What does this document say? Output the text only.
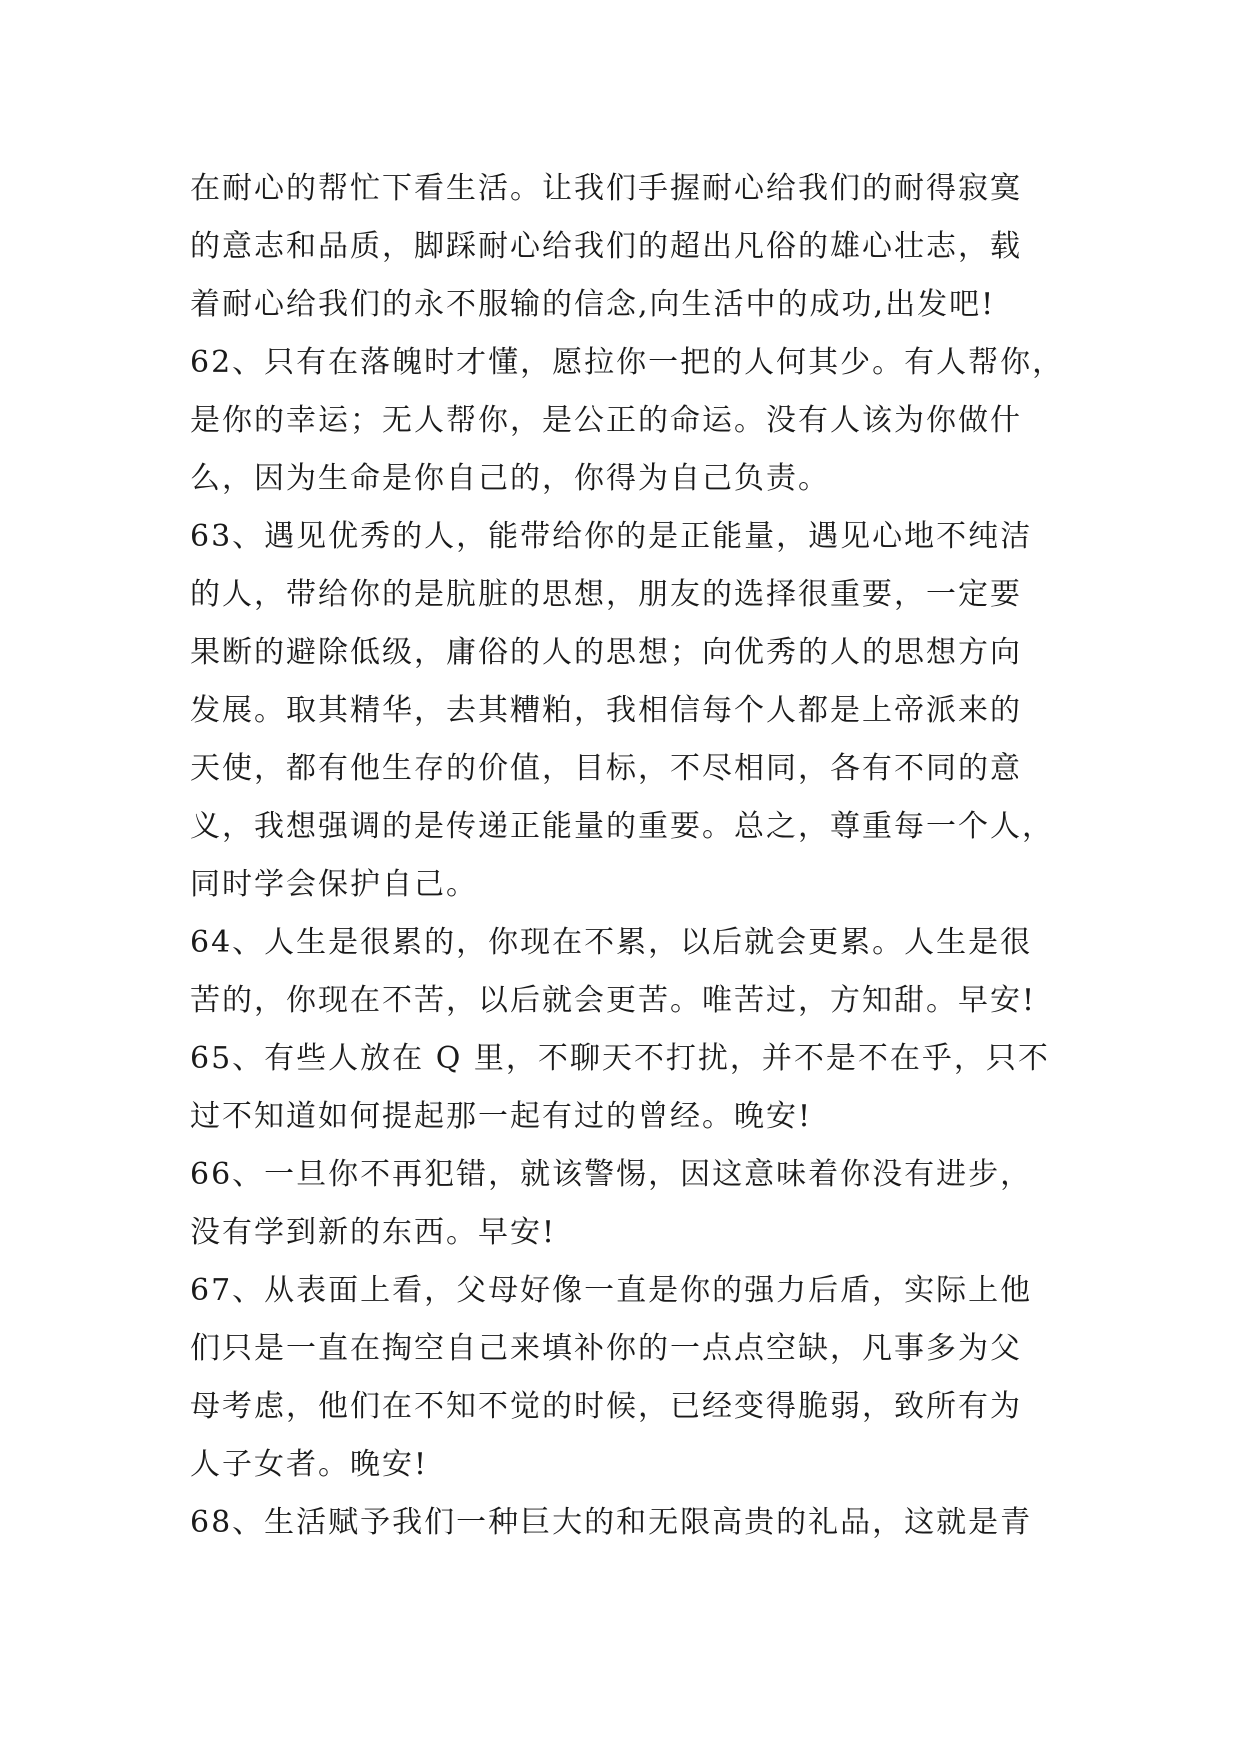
在耐心的帮忙下看生活。让我们手握耐心给我们的耐得寂寞
的意志和品质，脚踩耐心给我们的超出凡俗的雄心壮志，载
着耐心给我们的永不服输的信念,向生活中的成功,出发吧!
62、只有在落魄时才懂，愿拉你一把的人何其少。有人帮你，
是你的幸运；无人帮你，是公正的命运。没有人该为你做什
么，因为生命是你自己的，你得为自己负责。
63、遇见优秀的人，能带给你的是正能量，遇见心地不纯洁
的人，带给你的是肮脏的思想，朋友的选择很重要，一定要
果断的避除低级，庸俗的人的思想；向优秀的人的思想方向
发展。取其精华，去其糟粕，我相信每个人都是上帝派来的
天使，都有他生存的价值，目标，不尽相同，各有不同的意
义，我想强调的是传递正能量的重要。总之，尊重每一个人，
同时学会保护自己。
64、人生是很累的，你现在不累，以后就会更累。人生是很
苦的，你现在不苦，以后就会更苦。唯苦过，方知甜。早安!
65、有些人放在 Q 里，不聊天不打扰，并不是不在乎，只不
过不知道如何提起那一起有过的曾经。晚安!
66、一旦你不再犯错，就该警惕，因这意味着你没有进步，
没有学到新的东西。早安!
67、从表面上看，父母好像一直是你的强力后盾，实际上他
们只是一直在掏空自己来填补你的一点点空缺，凡事多为父
母考虑，他们在不知不觉的时候，已经变得脆弱，致所有为
人子女者。晚安!
68、生活赋予我们一种巨大的和无限高贵的礼品，这就是青
